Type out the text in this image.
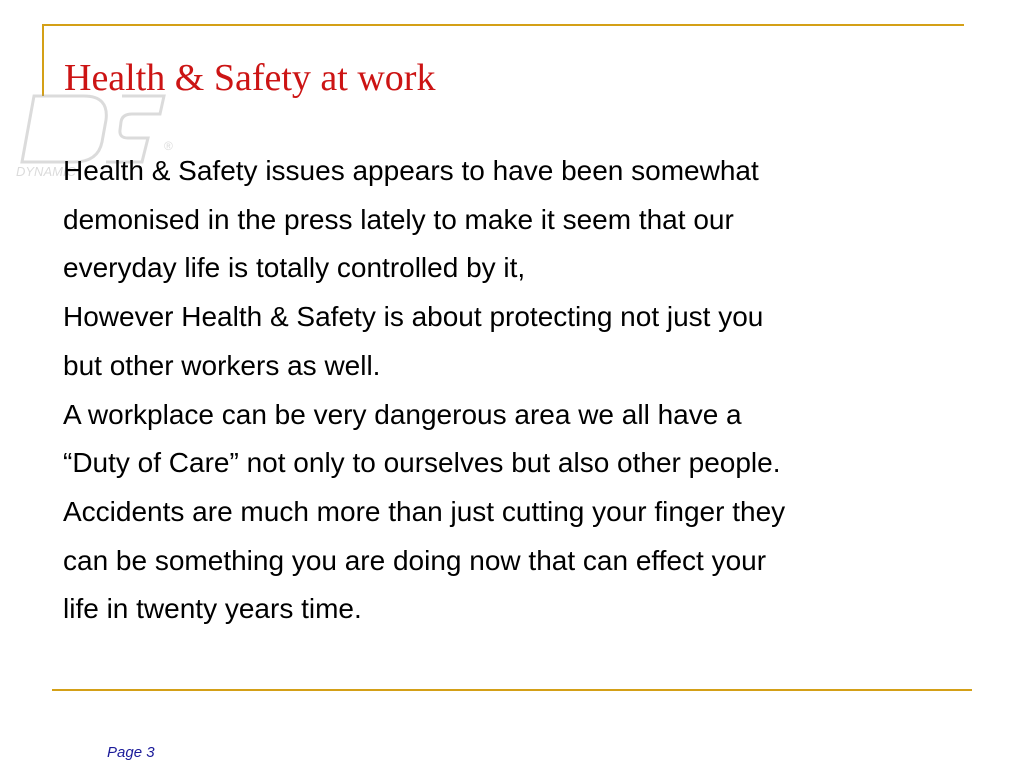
DYNAMIC
®
Health & Safety at work
Health & Safety issues appears to have been somewhat
demonised in the press lately to make it seem that our
everyday life is totally controlled by it,
However Health & Safety is about protecting not just you
but other workers as well.
A workplace can be very dangerous area we all have a
“Duty of Care” not only to ourselves but also other people.
Accidents are much more than just cutting your finger they
can be something you are doing now that can effect your
life in twenty years time.
Page 3
